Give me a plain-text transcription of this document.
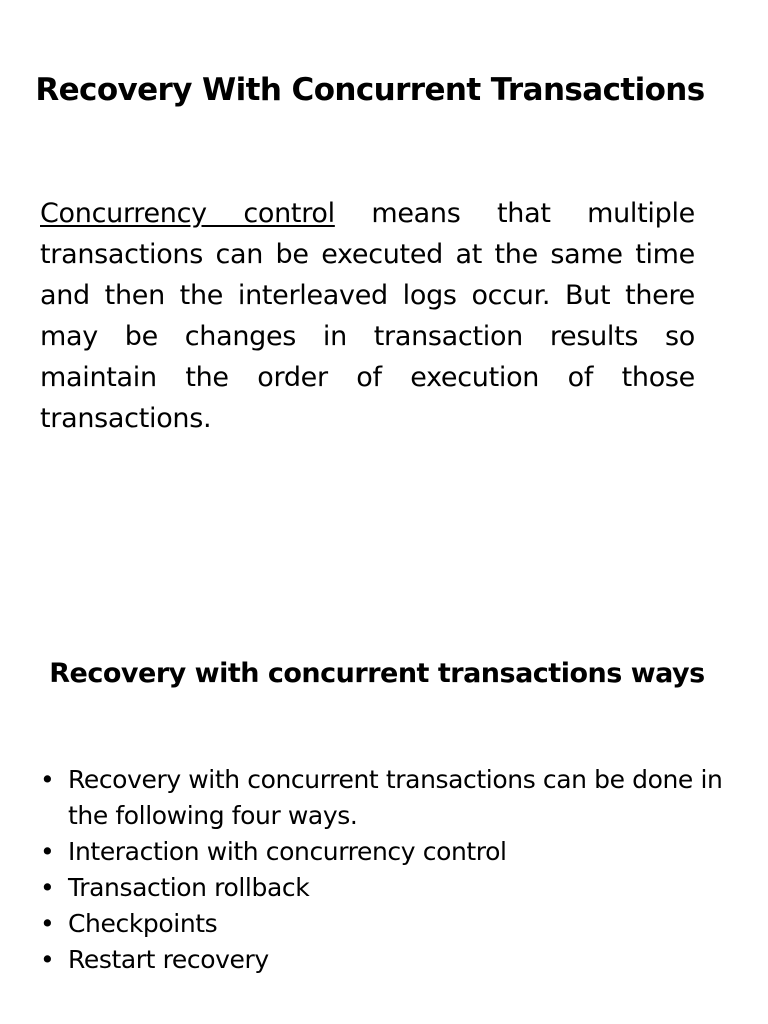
Recovery With Concurrent Transactions

Concurrency control means that multiple transactions can be executed at the same time and then the interleaved logs occur. But there may be changes in transaction results so maintain the order of execution of those transactions.

Recovery with concurrent transactions ways
• Recovery with concurrent transactions can be done in the following four ways.
• Interaction with concurrency control
• Transaction rollback
• Checkpoints
• Restart recovery
